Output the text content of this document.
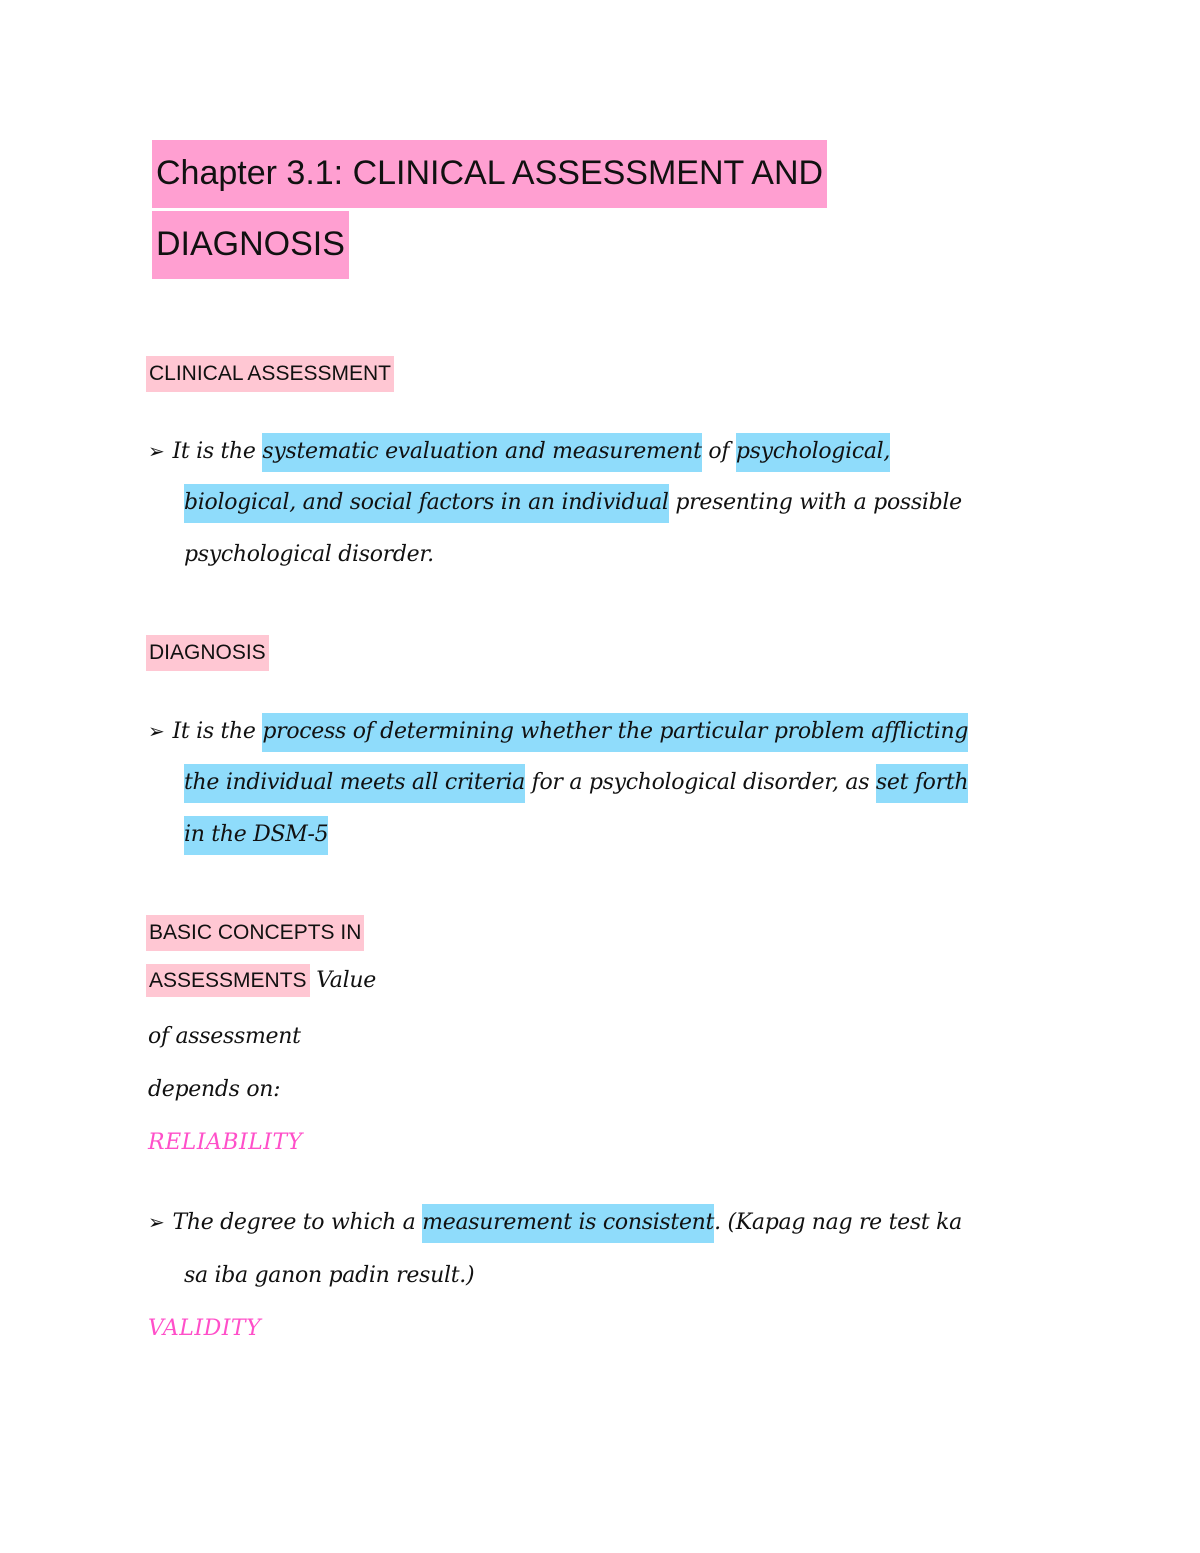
Chapter 3.1: CLINICAL ASSESSMENT AND
DIAGNOSIS
CLINICAL ASSESSMENT
➢ It is the systematic evaluation and measurement of psychological,
biological, and social factors in an individual presenting with a possible
psychological disorder.
DIAGNOSIS
➢ It is the process of determining whether the particular problem afflicting
the individual meets all criteria for a psychological disorder, as set forth
in the DSM-5
BASIC CONCEPTS IN
ASSESSMENTS Value
of assessment
depends on:
RELIABILITY
➢ The degree to which a measurement is consistent. (Kapag nag re test ka
sa iba ganon padin result.)
VALIDITY
